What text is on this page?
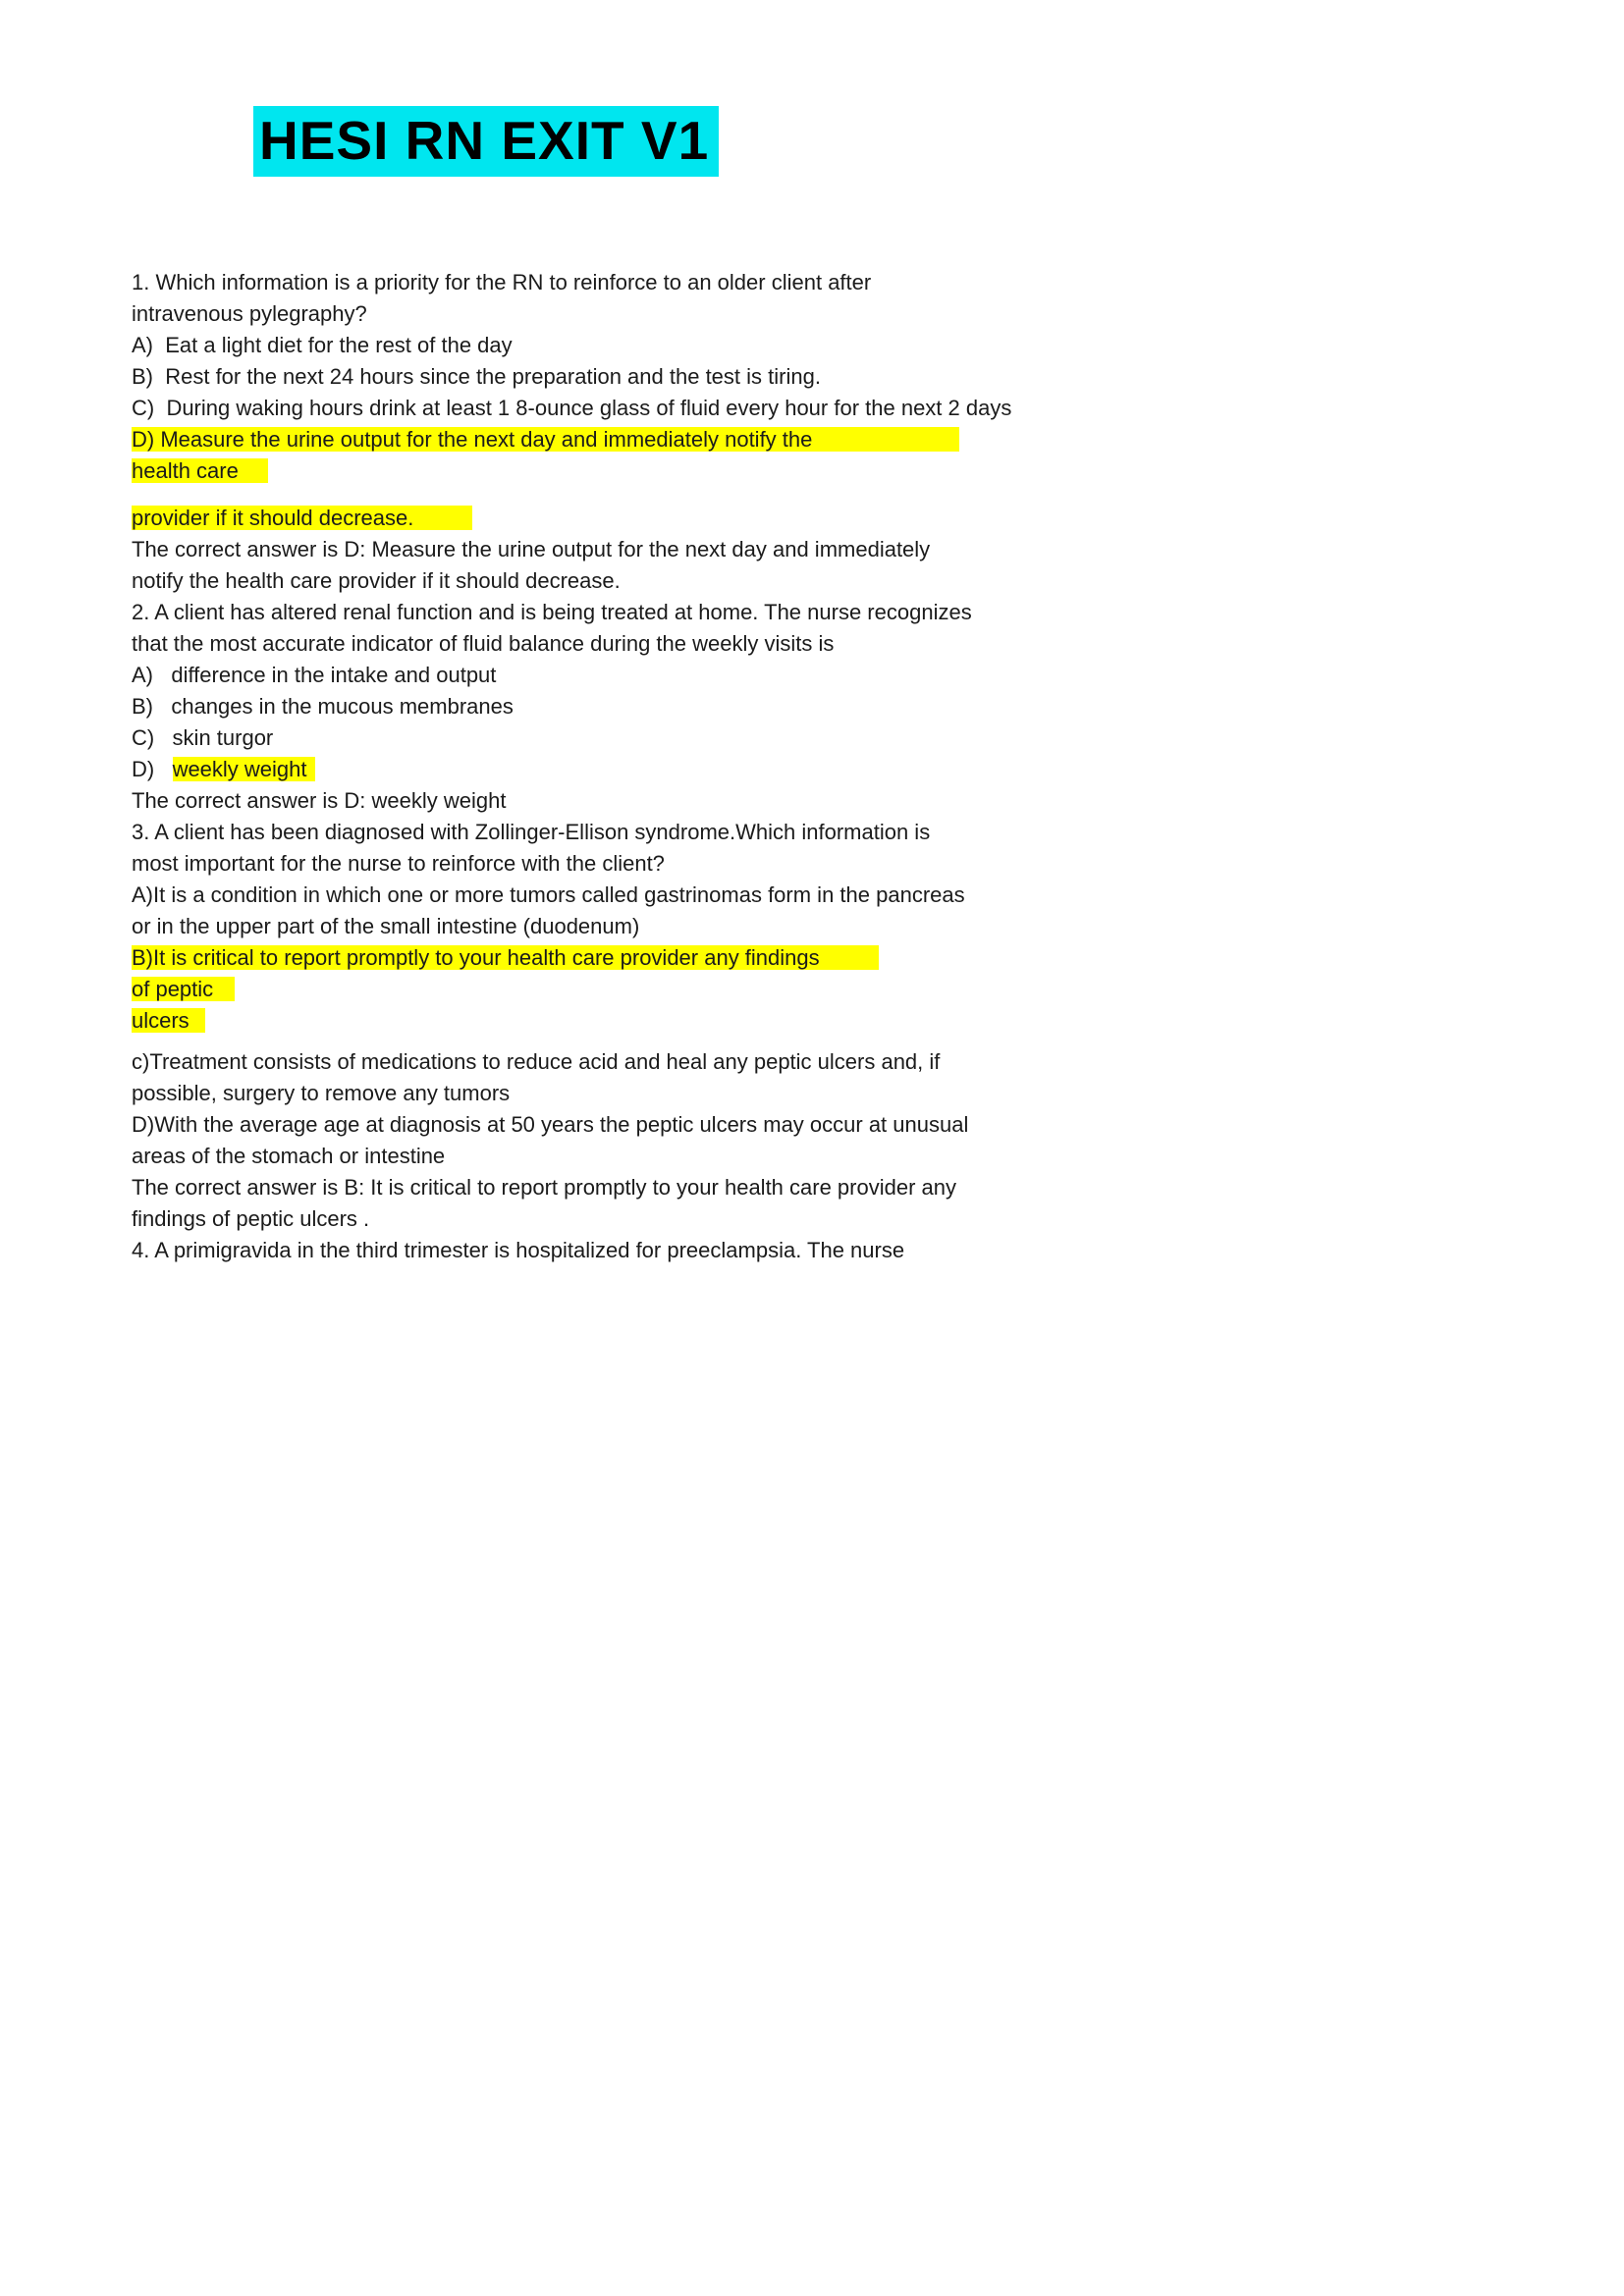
HESI RN EXIT V1
1. Which information is a priority for the RN to reinforce to an older client after
intravenous pylegraphy?
A)  Eat a light diet for the rest of the day
B)  Rest for the next 24 hours since the preparation and the test is tiring.
C)  During waking hours drink at least 1 8-ounce glass of fluid every hour for the next 2 days
D) Measure the urine output for the next day and immediately notify the
health care
provider if it should decrease.
The correct answer is D: Measure the urine output for the next day and immediately
notify the health care provider if it should decrease.
2. A client has altered renal function and is being treated at home. The nurse recognizes
that the most accurate indicator of fluid balance during the weekly visits is
A)   difference in the intake and output
B)   changes in the mucous membranes
C)   skin turgor
D)   weekly weight
The correct answer is D: weekly weight
3. A client has been diagnosed with Zollinger-Ellison syndrome.Which information is
most important for the nurse to reinforce with the client?
A)It is a condition in which one or more tumors called gastrinomas form in the pancreas
or in the upper part of the small intestine (duodenum)
B)It is critical to report promptly to your health care provider any findings
of peptic
ulcers
c)Treatment consists of medications to reduce acid and heal any peptic ulcers and, if
possible, surgery to remove any tumors
D)With the average age at diagnosis at 50 years the peptic ulcers may occur at unusual
areas of the stomach or intestine
The correct answer is B: It is critical to report promptly to your health care provider any
findings of peptic ulcers .
4. A primigravida in the third trimester is hospitalized for preeclampsia. The nurse
